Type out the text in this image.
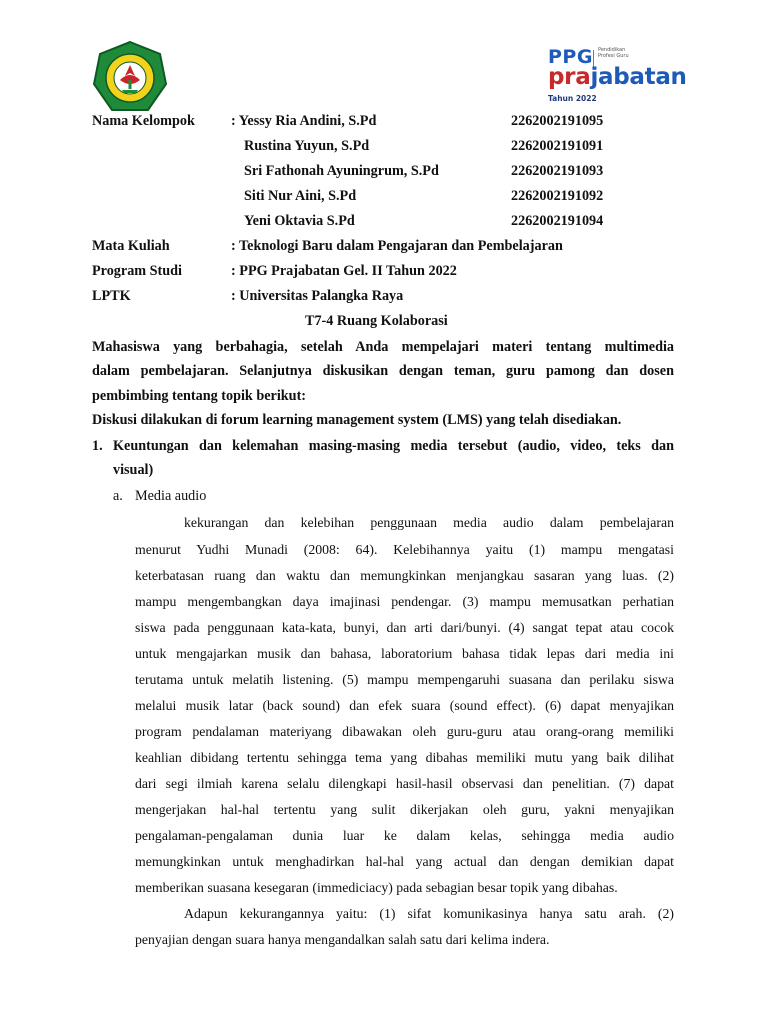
PPG Pendidikan Profesi Guru
prajabatan
Tahun 2022
Nama Kelompok	: Yessy Ria Andini, S.Pd	2262002191095
Rustina Yuyun, S.Pd	2262002191091
Sri Fathonah Ayuningrum, S.Pd	2262002191093
Siti Nur Aini, S.Pd	2262002191092
Yeni Oktavia S.Pd	2262002191094
Mata Kuliah	: Teknologi Baru dalam Pengajaran dan Pembelajaran
Program Studi	: PPG Prajabatan Gel. II Tahun 2022
LPTK	: Universitas Palangka Raya
T7-4 Ruang Kolaborasi
Mahasiswa yang berbahagia, setelah Anda mempelajari materi tentang multimedia
dalam pembelajaran. Selanjutnya diskusikan dengan teman, guru pamong dan dosen
pembimbing tentang topik berikut:
Diskusi dilakukan di forum learning management system (LMS) yang telah disediakan.
1. Keuntungan dan kelemahan masing-masing media tersebut (audio, video, teks dan
visual)
a. Media audio
kekurangan dan kelebihan penggunaan media audio dalam pembelajaran
menurut Yudhi Munadi (2008: 64). Kelebihannya yaitu (1) mampu mengatasi
keterbatasan ruang dan waktu dan memungkinkan menjangkau sasaran yang luas. (2)
mampu mengembangkan daya imajinasi pendengar. (3) mampu memusatkan perhatian
siswa pada penggunaan kata-kata, bunyi, dan arti dari/bunyi. (4) sangat tepat atau cocok
untuk mengajarkan musik dan bahasa, laboratorium bahasa tidak lepas dari media ini
terutama untuk melatih listening. (5) mampu mempengaruhi suasana dan perilaku siswa
melalui musik latar (back sound) dan efek suara (sound effect). (6) dapat menyajikan
program pendalaman materiyang dibawakan oleh guru-guru atau orang-orang memiliki
keahlian dibidang tertentu sehingga tema yang dibahas memiliki mutu yang baik dilihat
dari segi ilmiah karena selalu dilengkapi hasil-hasil observasi dan penelitian. (7) dapat
mengerjakan hal-hal tertentu yang sulit dikerjakan oleh guru, yakni menyajikan
pengalaman-pengalaman dunia luar ke dalam kelas, sehingga media audio
memungkinkan untuk menghadirkan hal-hal yang actual dan dengan demikian dapat
memberikan suasana kesegaran (immediciacy) pada sebagian besar topik yang dibahas.
Adapun kekurangannya yaitu: (1) sifat komunikasinya hanya satu arah. (2)
penyajian dengan suara hanya mengandalkan salah satu dari kelima indera.
